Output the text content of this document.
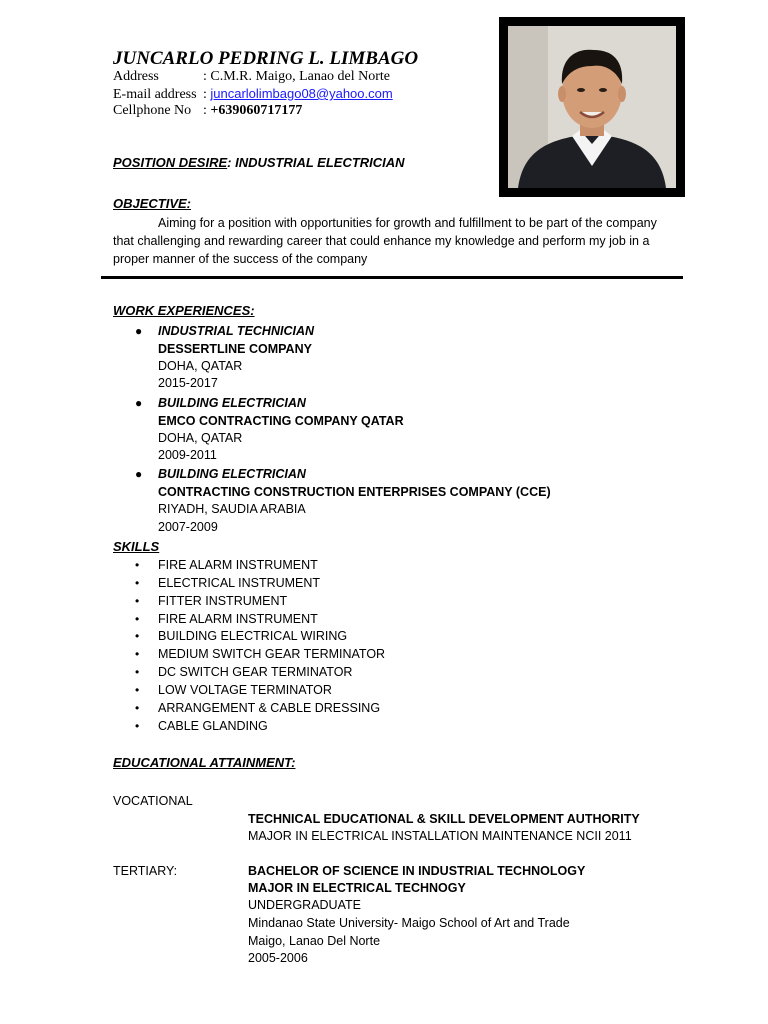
JUNCARLO PEDRING L. LIMBAGO
Address	: C.M.R. Maigo, Lanao del Norte
E-mail address : juncarlolimbago08@yahoo.com
Cellphone No : +639060717177
POSITION DESIRE: INDUSTRIAL ELECTRICIAN
OBJECTIVE:
Aiming for a position with opportunities for growth and fulfillment to be part of the company that challenging and rewarding career that could enhance my knowledge and perform my job in a proper manner of the success of the company
WORK EXPERIENCES:
● INDUSTRIAL TECHNICIAN
DESSERTLINE COMPANY
DOHA, QATAR
2015-2017
● BUILDING ELECTRICIAN
EMCO CONTRACTING COMPANY QATAR
DOHA, QATAR
2009-2011
● BUILDING ELECTRICIAN
CONTRACTING CONSTRUCTION ENTERPRISES COMPANY (CCE)
RIYADH, SAUDIA ARABIA
2007-2009
SKILLS
• FIRE ALARM INSTRUMENT
• ELECTRICAL INSTRUMENT
• FITTER INSTRUMENT
• FIRE ALARM INSTRUMENT
• BUILDING ELECTRICAL WIRING
• MEDIUM SWITCH GEAR TERMINATOR
• DC SWITCH GEAR TERMINATOR
• LOW VOLTAGE TERMINATOR
• ARRANGEMENT & CABLE DRESSING
• CABLE GLANDING
EDUCATIONAL ATTAINMENT:
VOCATIONAL
TECHNICAL EDUCATIONAL & SKILL DEVELOPMENT AUTHORITY
MAJOR IN ELECTRICAL INSTALLATION MAINTENANCE NCII 2011
TERTIARY:	BACHELOR OF SCIENCE IN INDUSTRIAL TECHNOLOGY
MAJOR IN ELECTRICAL TECHNOGY
UNDERGRADUATE
Mindanao State University- Maigo School of Art and Trade
Maigo, Lanao Del Norte
2005-2006
